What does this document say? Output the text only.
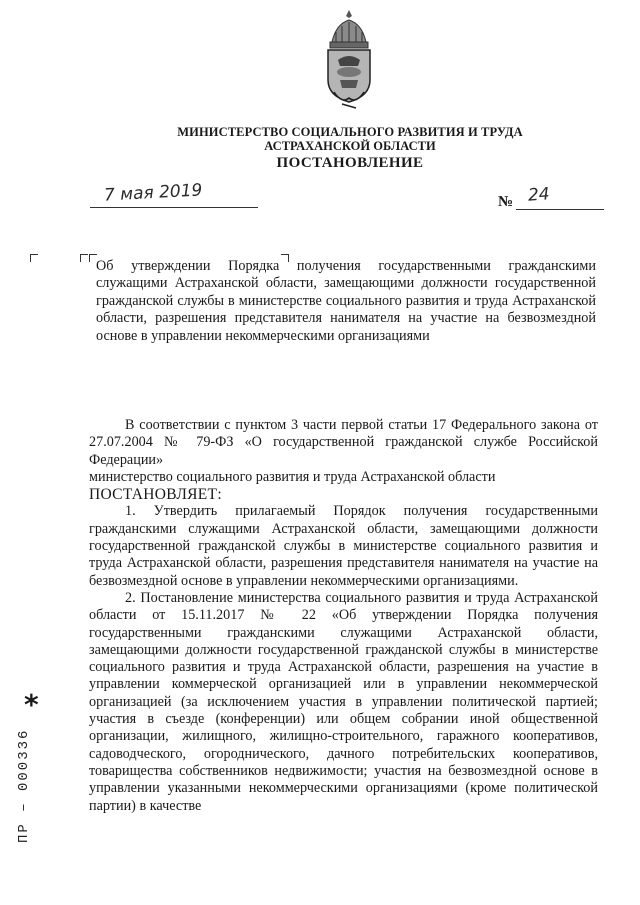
МИНИСТЕРСТВО СОЦИАЛЬНОГО РАЗВИТИЯ И ТРУДА
АСТРАХАНСКОЙ ОБЛАСТИ
ПОСТАНОВЛЕНИЕ
7 мая 2019	№ 24
Об утверждении Порядка получения государственными гражданскими служащими Астраханской области, замещающими должности государственной гражданской службы в министерстве социального развития и труда Астраханской области, разрешения представителя нанимателя на участие на безвозмездной основе в управлении некоммерческими организациями

В соответствии с пунктом 3 части первой статьи 17 Федерального закона от 27.07.2004 № 79-ФЗ «О государственной гражданской службе Российской Федерации»

министерство социального развития и труда Астраханской области

ПОСТАНОВЛЯЕТ:

1. Утвердить прилагаемый Порядок получения государственными гражданскими служащими Астраханской области, замещающими должности государственной гражданской службы в министерстве социального развития и труда Астраханской области, разрешения представителя нанимателя на участие на безвозмездной основе в управлении некоммерческими организациями.

2. Постановление министерства социального развития и труда Астраханской области от 15.11.2017 № 22 «Об утверждении Порядка получения государственными гражданскими служащими Астраханской области, замещающими должности государственной гражданской службы в министерстве социального развития и труда Астраханской области, разрешения на участие в управлении коммерческой организацией или в управлении некоммерческой организацией (за исключением участия в управлении политической партией; участия в съезде (конференции) или общем собрании иной общественной организации, жилищного, жилищно-строительного, гаражного кооперативов, садоводческого, огороднического, дачного потребительских кооперативов, товарищества собственников недвижимости; участия на безвозмездной основе в управлении указанными некоммерческими организациями (кроме политической партии) в качестве

*
ПР – 000336
